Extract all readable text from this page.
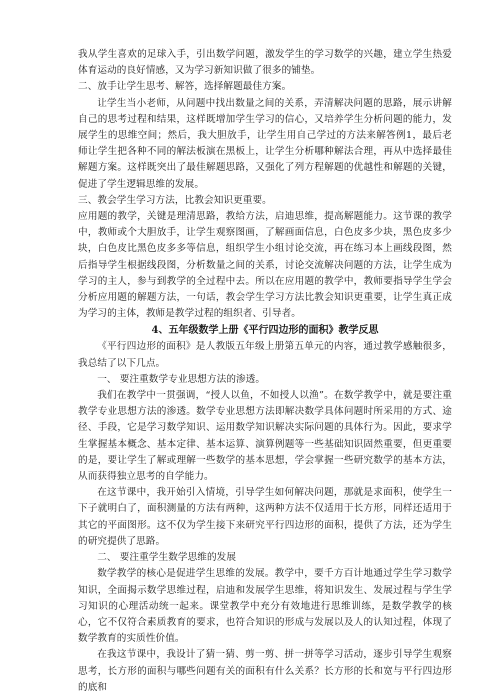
我从学生喜欢的足球入手，引出数学问题，激发学生的学习数学的兴趣，建立学生热爱体育运动的良好情感，又为学习新知识做了很多的铺垫。

二、放手让学生思考、解答，选择解题最佳方案。

让学生当小老师，从问题中找出数量之间的关系，弄清解决问题的思路，展示讲解自己的思考过程和结果，这样既增加学生学习的信心，又培养学生分析问题的能力，发展学生的思维空间；然后，我大胆放手，让学生用自己学过的方法来解答例1，最后老师让学生把各种不同的解法板演在黑板上，让学生分析哪种解法合理，再从中选择最佳解题方案。这样既突出了最佳解题思路，又强化了列方程解题的优越性和解题的关键，促进了学生逻辑思维的发展。

三、教会学生学习方法，比教会知识更重要。

应用题的教学，关键是理清思路，教给方法，启迪思维，提高解题能力。这节课的教学中，教师或个大胆放手，让学生观察图画，了解画面信息，白色皮多少块，黑色皮多少块，白色皮比黑色皮多多等信息，组织学生小组讨论交流，再在练习本上画线段图，然后指导学生根据线段图，分析数量之间的关系，讨论交流解决问题的方法，让学生成为学习的主人，参与到教学的全过程中去。所以在应用题的教学中，教师要指导学生学会分析应用题的解题方法，一句话，教会学生学习方法比教会知识更重要，让学生真正成为学习的主体，教师是教学过程的组织者、引导者。

4、五年级数学上册《平行四边形的面积》教学反思

《平行四边形的面积》是人教版五年级上册第五单元的内容，通过教学感触很多，我总结了以下几点。

一、 要注重数学专业思想方法的渗透。

我们在教学中一贯强调，“授人以鱼，不如授人以渔”。在数学教学中，就是要注重教学专业思想方法的渗透。数学专业思想方法即解决数学具体问题时所采用的方式、途径、手段，它是学习数学知识、运用数学知识解决实际问题的具体行为。因此，要求学生掌握基本概念、基本定律、基本运算、演算例题等一些基础知识固然重要，但更重要的是，要让学生了解或理解一些数学的基本思想，学会掌握一些研究数学的基本方法，从而获得独立思考的自学能力。

在这节课中，我开始引入情境，引导学生如何解决问题，那就是求面积，使学生一下子就明白了，面积测量的方法有两种，这两种方法不仅适用于长方形，同样还适用于其它的平面图形。这不仅为学生接下来研究平行四边形的面积，提供了方法，还为学生的研究提供了思路。

二、 要注重学生数学思维的发展

数学教学的核心是促进学生思维的发展。教学中，要千方百计地通过学生学习数学知识，全面揭示数学思维过程，启迪和发展学生思维，将知识发生、发展过程与学生学习知识的心理活动统一起来。课堂教学中充分有效地进行思维训练，是数学教学的核心，它不仅符合素质教育的要求，也符合知识的形成与发展以及人的认知过程，体现了数学教育的实质性价值。

在我这节课中，我设计了猜一猜、剪一剪、拼一拼等学习活动，逐步引导学生观察思考，长方形的面积与哪些问题有关的面积有什么关系？长方形的长和宽与平行四边形的底和
